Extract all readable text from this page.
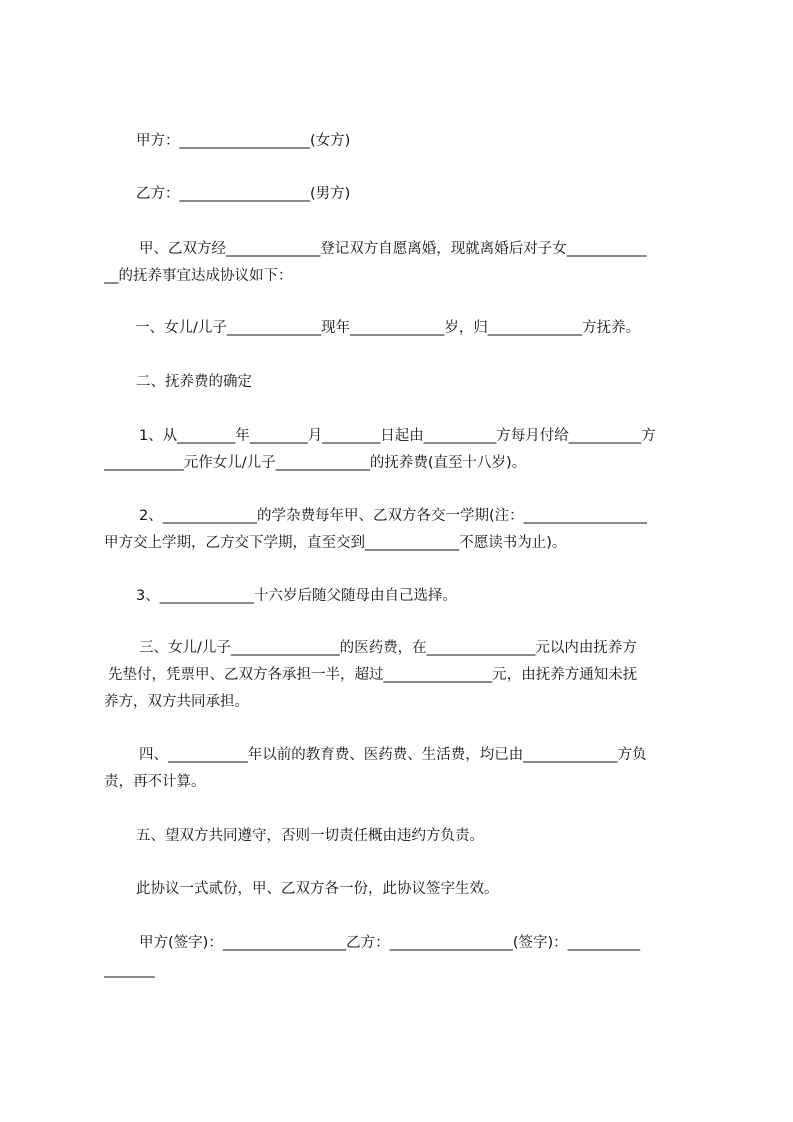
甲方：__________________(女方)
乙方：__________________(男方)
甲、乙双方经_____________登记双方自愿离婚，现就离婚后对子女___________
__的抚养事宜达成协议如下：
一、女儿/儿子_____________现年_____________岁，归_____________方抚养。
二、抚养费的确定
1、从________年________月________日起由__________方每月付给__________方
___________元作女儿/儿子_____________的抚养费(直至十八岁)。
2、_____________的学杂费每年甲、乙双方各交一学期(注：_________________
甲方交上学期，乙方交下学期，直至交到_____________不愿读书为止)。
3、_____________十六岁后随父随母由自己选择。
三、女儿/儿子_______________的医药费，在_______________元以内由抚养方
先垫付，凭票甲、乙双方各承担一半，超过_______________元，由抚养方通知未抚
养方，双方共同承担。
四、___________年以前的教育费、医药费、生活费，均已由_____________方负
责，再不计算。
五、望双方共同遵守，否则一切责任概由违约方负责。
此协议一式贰份，甲、乙双方各一份，此协议签字生效。
甲方(签字)：_________________乙方：_________________(签字)：__________
_______
